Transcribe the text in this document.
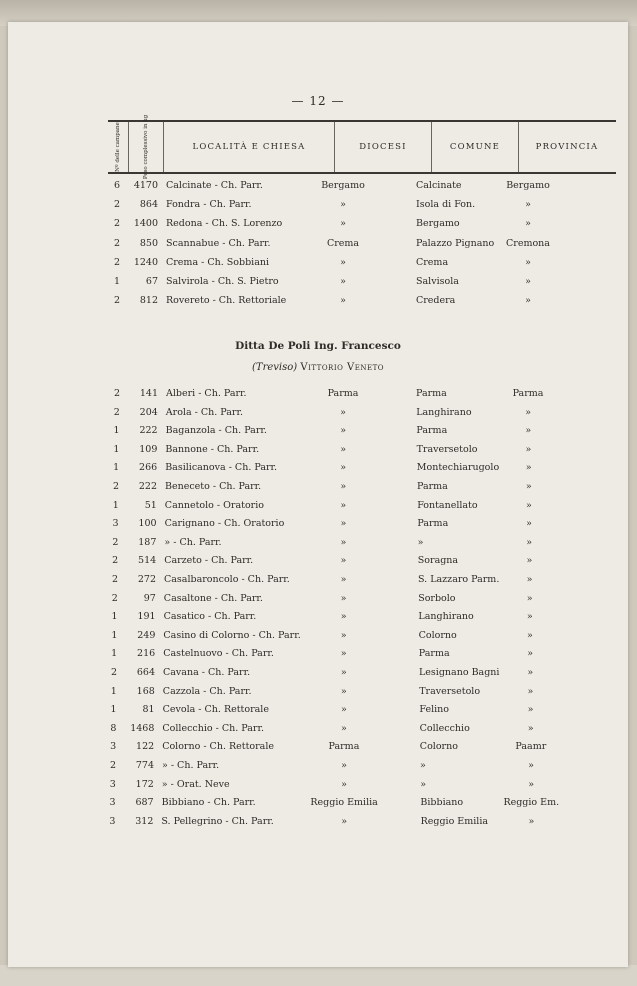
— 12 —
Nº delle campane	Peso complessivo in kg	LOCALITÀ E CHIESA	DIOCESI	COMUNE	PROVINCIA
6	4170 Calcinate - Ch. Parr.	Bergamo	Calcinate	Bergamo
2	864 Fondra - Ch. Parr.	»	Isola di Fon.	»
2	1400 Redona - Ch. S. Lorenzo	»	Bergamo	»
2	850 Scannabue - Ch. Parr.	Crema	Palazzo Pignano	Cremona
2	1240 Crema - Ch. Sobbiani	»	Crema	»
1	67 Salvirola - Ch. S. Pietro	»	Salvisola	»
2	812 Rovereto - Ch. Rettoriale	»	Credera	»
Ditta De Poli Ing. Francesco
(Treviso) Vittorio Veneto
2	141 Alberi - Ch. Parr.	Parma	Parma	Parma
2	204 Arola - Ch. Parr.	»	Langhirano	»
1	222 Baganzola - Ch. Parr.	»	Parma	»
1	109 Bannone - Ch. Parr.	»	Traversetolo	»
1	266 Basilicanova - Ch. Parr.	»	Montechiarugolo	»
2	222 Beneceto - Ch. Parr.	»	Parma	»
1	51 Cannetolo - Oratorio	»	Fontanellato	»
3	100 Carignano - Ch. Oratorio	»	Parma	»
2	187 » - Ch. Parr.	»	»	»
2	514 Carzeto - Ch. Parr.	»	Soragna	»
2	272 Casalbaroncolo - Ch. Parr.	»	S. Lazzaro Parm.	»
2	97 Casaltone - Ch. Parr.	»	Sorbolo	»
1	191 Casatico - Ch. Parr.	»	Langhirano	»
1	249 Casino di Colorno - Ch. Parr.	»	Colorno	»
1	216 Castelnuovo - Ch. Parr.	»	Parma	»
2	664 Cavana - Ch. Parr.	»	Lesignano Bagni	»
1	168 Cazzola - Ch. Parr.	»	Traversetolo	»
1	81 Cevola - Ch. Rettorale	»	Felino	»
8	1468 Collecchio - Ch. Parr.	»	Collecchio	»
3	122 Colorno - Ch. Rettorale	Parma	Colorno	Paamr
2	774 » - Ch. Parr.	»	»	»
3	172 » - Orat. Neve	»	»	»
3	687 Bibbiano - Ch. Parr.	Reggio Emilia	Bibbiano	Reggio Em.
3	312 S. Pellegrino - Ch. Parr.	»	Reggio Emilia	»
